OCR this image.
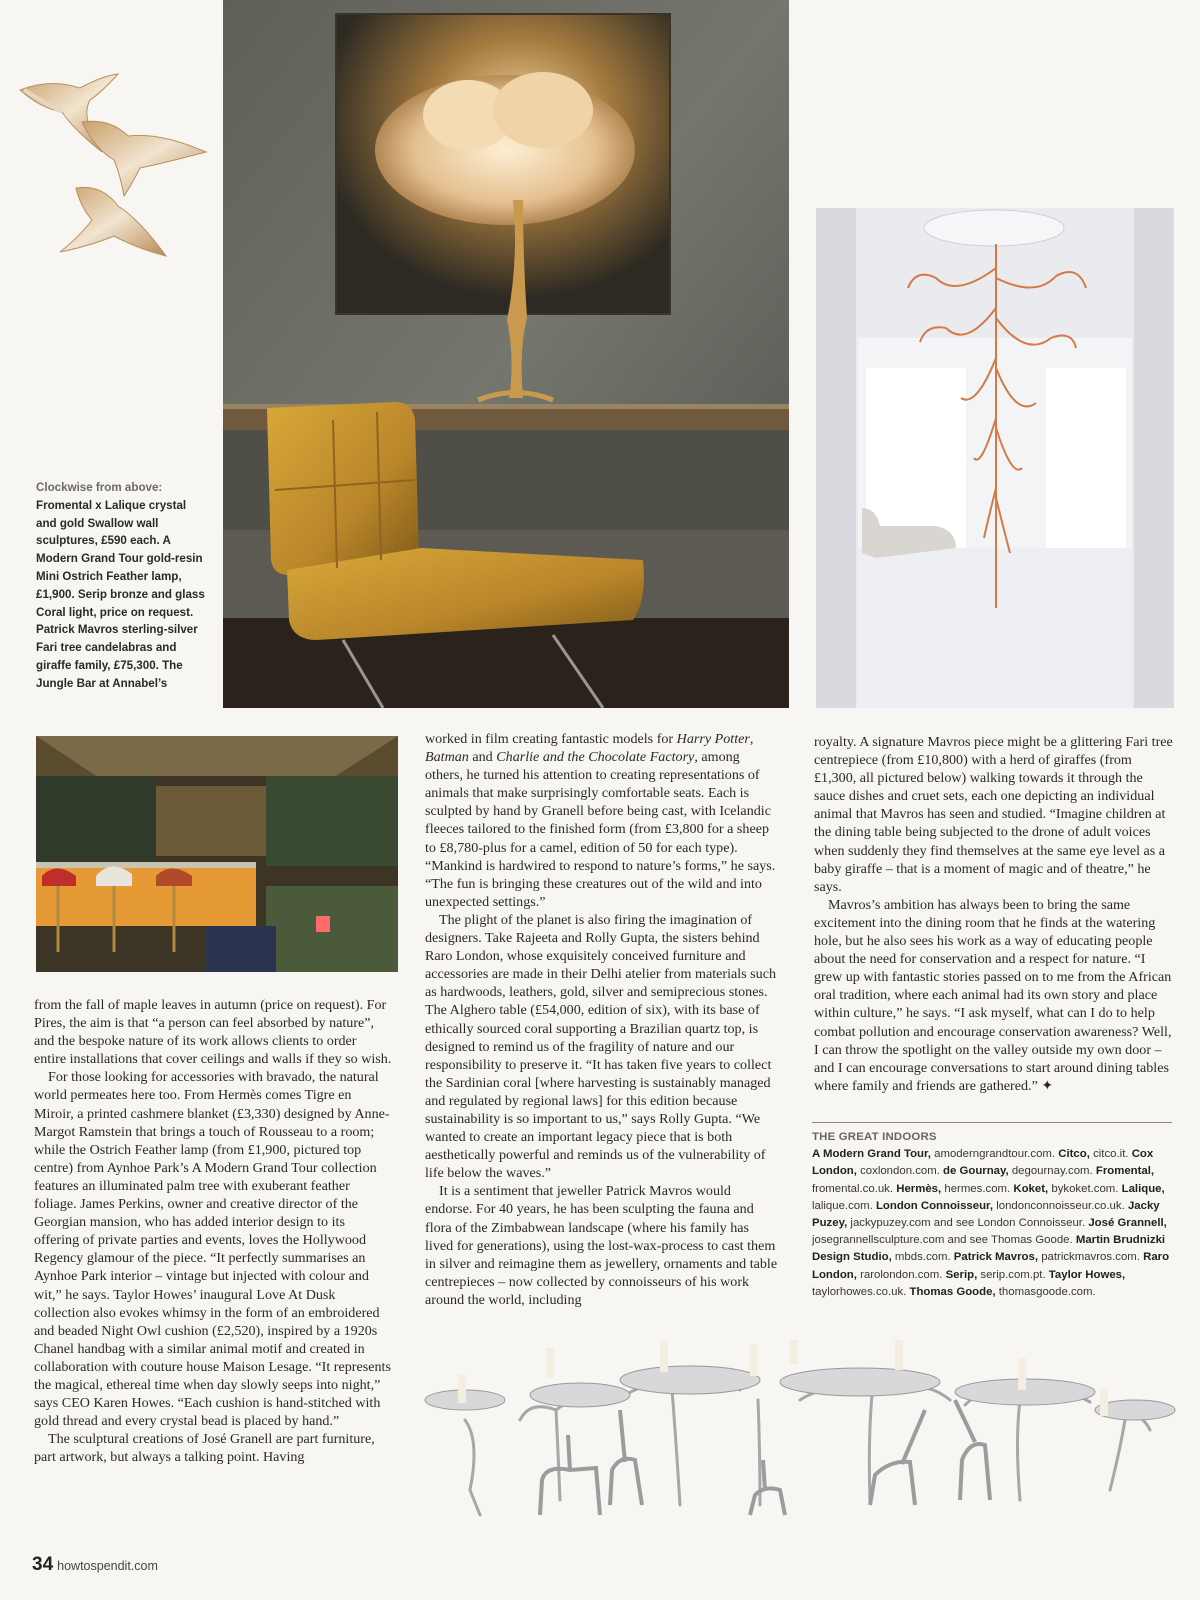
Clockwise from above:
Fromental x Lalique crystal and gold Swallow wall sculptures, £590 each. A Modern Grand Tour gold-resin Mini Ostrich Feather lamp, £1,900. Serip bronze and glass Coral light, price on request. Patrick Mavros sterling-silver Fari tree candelabras and giraffe family, £75,300. The Jungle Bar at Annabel’s

from the fall of maple leaves in autumn (price on request). For Pires, the aim is that “a person can feel absorbed by nature”, and the bespoke nature of its work allows clients to order entire installations that cover ceilings and walls if they so wish.

For those looking for accessories with bravado, the natural world permeates here too. From Hermès comes Tigre en Miroir, a printed cashmere blanket (£3,330) designed by Anne-Margot Ramstein that brings a touch of Rousseau to a room; while the Ostrich Feather lamp (from £1,900, pictured top centre) from Aynhoe Park’s A Modern Grand Tour collection features an illuminated palm tree with exuberant feather foliage. James Perkins, owner and creative director of the Georgian mansion, who has added interior design to its offering of private parties and events, loves the Hollywood Regency glamour of the piece. “It perfectly summarises an Aynhoe Park interior – vintage but injected with colour and wit,” he says. Taylor Howes’ inaugural Love At Dusk collection also evokes whimsy in the form of an embroidered and beaded Night Owl cushion (£2,520), inspired by a 1920s Chanel handbag with a similar animal motif and created in collaboration with couture house Maison Lesage. “It represents the magical, ethereal time when day slowly seeps into night,” says CEO Karen Howes. “Each cushion is hand-stitched with gold thread and every crystal bead is placed by hand.”

The sculptural creations of José Granell are part furniture, part artwork, but always a talking point. Having

worked in film creating fantastic models for Harry Potter, Batman and Charlie and the Chocolate Factory, among others, he turned his attention to creating representations of animals that make surprisingly comfortable seats. Each is sculpted by hand by Granell before being cast, with Icelandic fleeces tailored to the finished form (from £3,800 for a sheep to £8,780-plus for a camel, edition of 50 for each type). “Mankind is hardwired to respond to nature’s forms,” he says. “The fun is bringing these creatures out of the wild and into unexpected settings.”

The plight of the planet is also firing the imagination of designers. Take Rajeeta and Rolly Gupta, the sisters behind Raro London, whose exquisitely conceived furniture and accessories are made in their Delhi atelier from materials such as hardwoods, leathers, gold, silver and semiprecious stones. The Alghero table (£54,000, edition of six), with its base of ethically sourced coral supporting a Brazilian quartz top, is designed to remind us of the fragility of nature and our responsibility to preserve it. “It has taken five years to collect the Sardinian coral [where harvesting is sustainably managed and regulated by regional laws] for this edition because sustainability is so important to us,” says Rolly Gupta. “We wanted to create an important legacy piece that is both aesthetically powerful and reminds us of the vulnerability of life below the waves.”

It is a sentiment that jeweller Patrick Mavros would endorse. For 40 years, he has been sculpting the fauna and flora of the Zimbabwean landscape (where his family has lived for generations), using the lost-wax-process to cast them in silver and reimagine them as jewellery, ornaments and table centrepieces – now collected by connoisseurs of his work around the world, including

royalty. A signature Mavros piece might be a glittering Fari tree centrepiece (from £10,800) with a herd of giraffes (from £1,300, all pictured below) walking towards it through the sauce dishes and cruet sets, each one depicting an individual animal that Mavros has seen and studied. “Imagine children at the dining table being subjected to the drone of adult voices when suddenly they find themselves at the same eye level as a baby giraffe – that is a moment of magic and of theatre,” he says.

Mavros’s ambition has always been to bring the same excitement into the dining room that he finds at the watering hole, but he also sees his work as a way of educating people about the need for conservation and a respect for nature. “I grew up with fantastic stories passed on to me from the African oral tradition, where each animal had its own story and place within culture,” he says. “I ask myself, what can I do to help combat pollution and encourage conservation awareness? Well, I can throw the spotlight on the valley outside my own door – and I can encourage conversations to start around dining tables where family and friends are gathered.” ✦

THE GREAT INDOORS
A Modern Grand Tour, amoderngrandtour.com. Citco, citco.it. Cox London, coxlondon.com. de Gournay, degournay.com. Fromental, fromental.co.uk. Hermès, hermes.com. Koket, bykoket.com. Lalique, lalique.com. London Connoisseur, londonconnoisseur.co.uk. Jacky Puzey, jackypuzey.com and see London Connoisseur. José Grannell, josegrannellsculpture.com and see Thomas Goode. Martin Brudnizki Design Studio, mbds.com. Patrick Mavros, patrickmavros.com. Raro London, rarolondon.com. Serip, serip.com.pt. Taylor Howes, taylorhowes.co.uk. Thomas Goode, thomasgoode.com.
34 howtospendit.com
